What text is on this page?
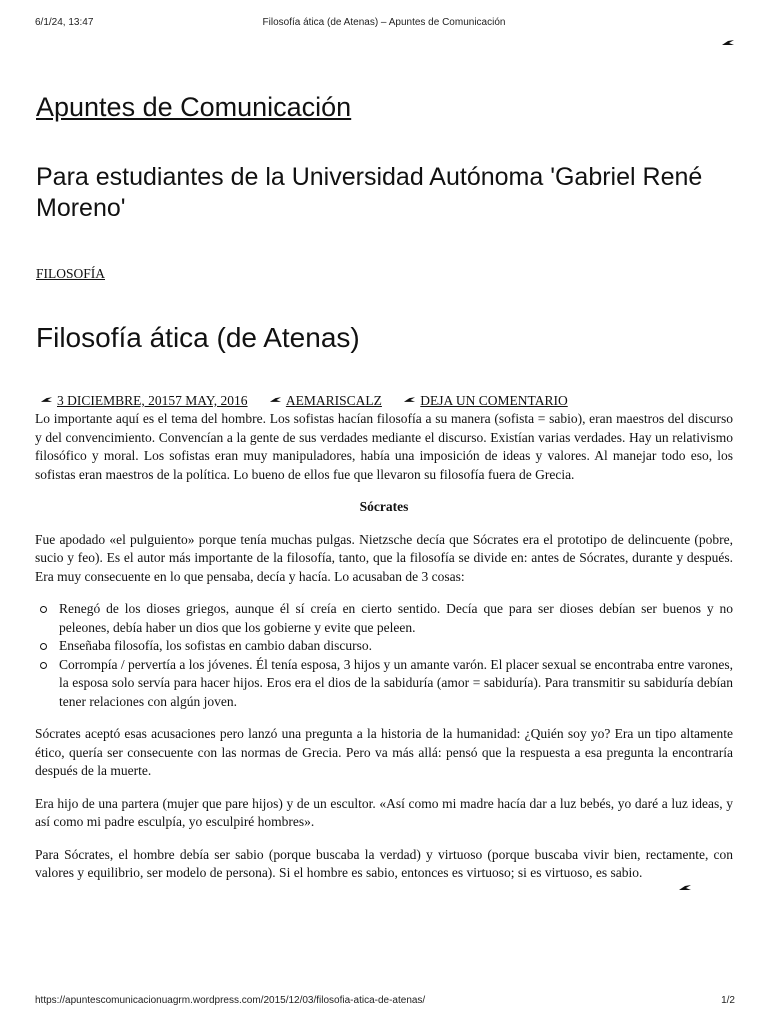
6/1/24, 13:47	Filosofía ática (de Atenas) – Apuntes de Comunicación
Apuntes de Comunicación
Para estudiantes de la Universidad Autónoma 'Gabriel René Moreno'
FILOSOFÍA
Filosofía ática (de Atenas)
3 DICIEMBRE, 20157 MAY, 2016	AEMARISCALZ	DEJA UN COMENTARIO

Lo importante aquí es el tema del hombre. Los sofistas hacían filosofía a su manera (sofista = sabio), eran maestros del discurso y del convencimiento. Convencían a la gente de sus verdades mediante el discurso. Existían varias verdades. Hay un relativismo filosófico y moral. Los sofistas eran muy manipuladores, había una imposición de ideas y valores. Al manejar todo eso, los sofistas eran maestros de la política. Lo bueno de ellos fue que llevaron su filosofía fuera de Grecia.

Sócrates

Fue apodado «el pulguiento» porque tenía muchas pulgas. Nietzsche decía que Sócrates era el prototipo de delincuente (pobre, sucio y feo). Es el autor más importante de la filosofía, tanto, que la filosofía se divide en: antes de Sócrates, durante y después. Era muy consecuente en lo que pensaba, decía y hacía. Lo acusaban de 3 cosas:

Renegó de los dioses griegos, aunque él sí creía en cierto sentido. Decía que para ser dioses debían ser buenos y no peleones, debía haber un dios que los gobierne y evite que peleen.
Enseñaba filosofía, los sofistas en cambio daban discurso.
Corrompía / pervertía a los jóvenes. Él tenía esposa, 3 hijos y un amante varón. El placer sexual se encontraba entre varones, la esposa solo servía para hacer hijos. Eros era el dios de la sabiduría (amor = sabiduría). Para transmitir su sabiduría debían tener relaciones con algún joven.

Sócrates aceptó esas acusaciones pero lanzó una pregunta a la historia de la humanidad: ¿Quién soy yo? Era un tipo altamente ético, quería ser consecuente con las normas de Grecia. Pero va más allá: pensó que la respuesta a esa pregunta la encontraría después de la muerte.

Era hijo de una partera (mujer que pare hijos) y de un escultor. «Así como mi madre hacía dar a luz bebés, yo daré a luz ideas, y así como mi padre esculpía, yo esculpiré hombres».

Para Sócrates, el hombre debía ser sabio (porque buscaba la verdad) y virtuoso (porque buscaba vivir bien, rectamente, con valores y equilibrio, ser modelo de persona). Si el hombre es sabio, entonces es virtuoso; si es virtuoso, es sabio.

https://apuntescomunicacionuagrm.wordpress.com/2015/12/03/filosofia-atica-de-atenas/	1/2
